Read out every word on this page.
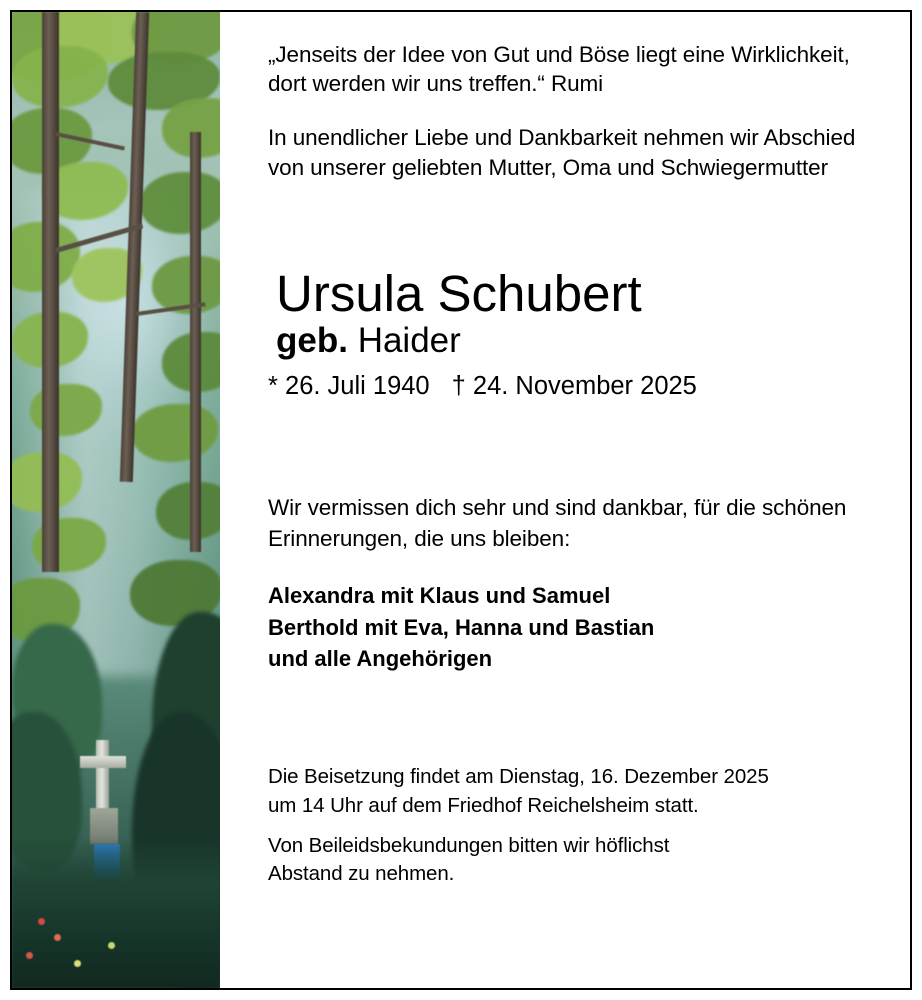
„Jenseits der Idee von Gut und Böse liegt eine Wirklichkeit, dort werden wir uns treffen.“ Rumi

In unendlicher Liebe und Dankbarkeit nehmen wir Abschied von unserer geliebten Mutter, Oma und Schwiegermutter

Ursula Schubert
geb. Haider
* 26. Juli 1940 † 24. November 2025

Wir vermissen dich sehr und sind dankbar, für die schönen Erinnerungen, die uns bleiben:

Alexandra mit Klaus und Samuel
Berthold mit Eva, Hanna und Bastian
und alle Angehörigen

Die Beisetzung findet am Dienstag, 16. Dezember 2025

um 14 Uhr auf dem Friedhof Reichelsheim statt.

Von Beileidsbekundungen bitten wir höflichst

Abstand zu nehmen.
